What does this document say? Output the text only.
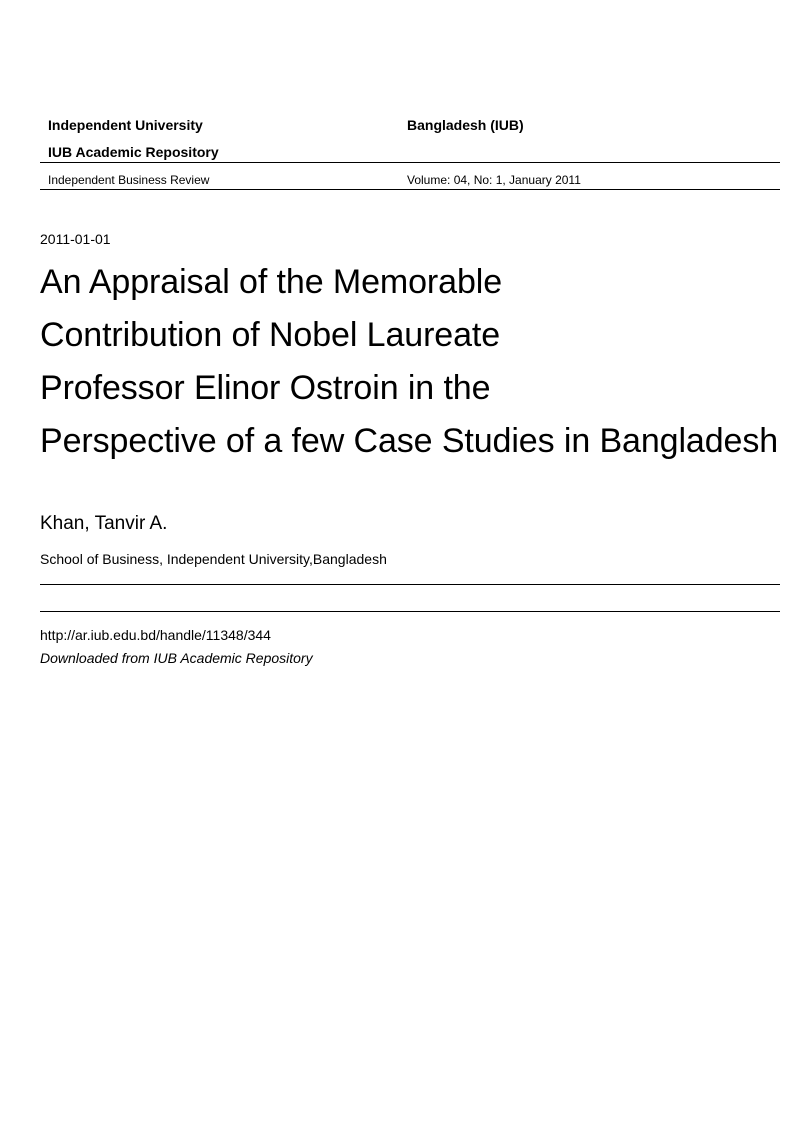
Independent University	Bangladesh (IUB)
IUB Academic Repository
Independent Business Review	Volume: 04, No: 1, January 2011
2011-01-01
An Appraisal of the Memorable
Contribution of Nobel Laureate
Professor Elinor Ostroin in the
Perspective of a few Case Studies in Bangladesh
Khan, Tanvir A.
School of Business, Independent University,Bangladesh
http://ar.iub.edu.bd/handle/11348/344
Downloaded from IUB Academic Repository
